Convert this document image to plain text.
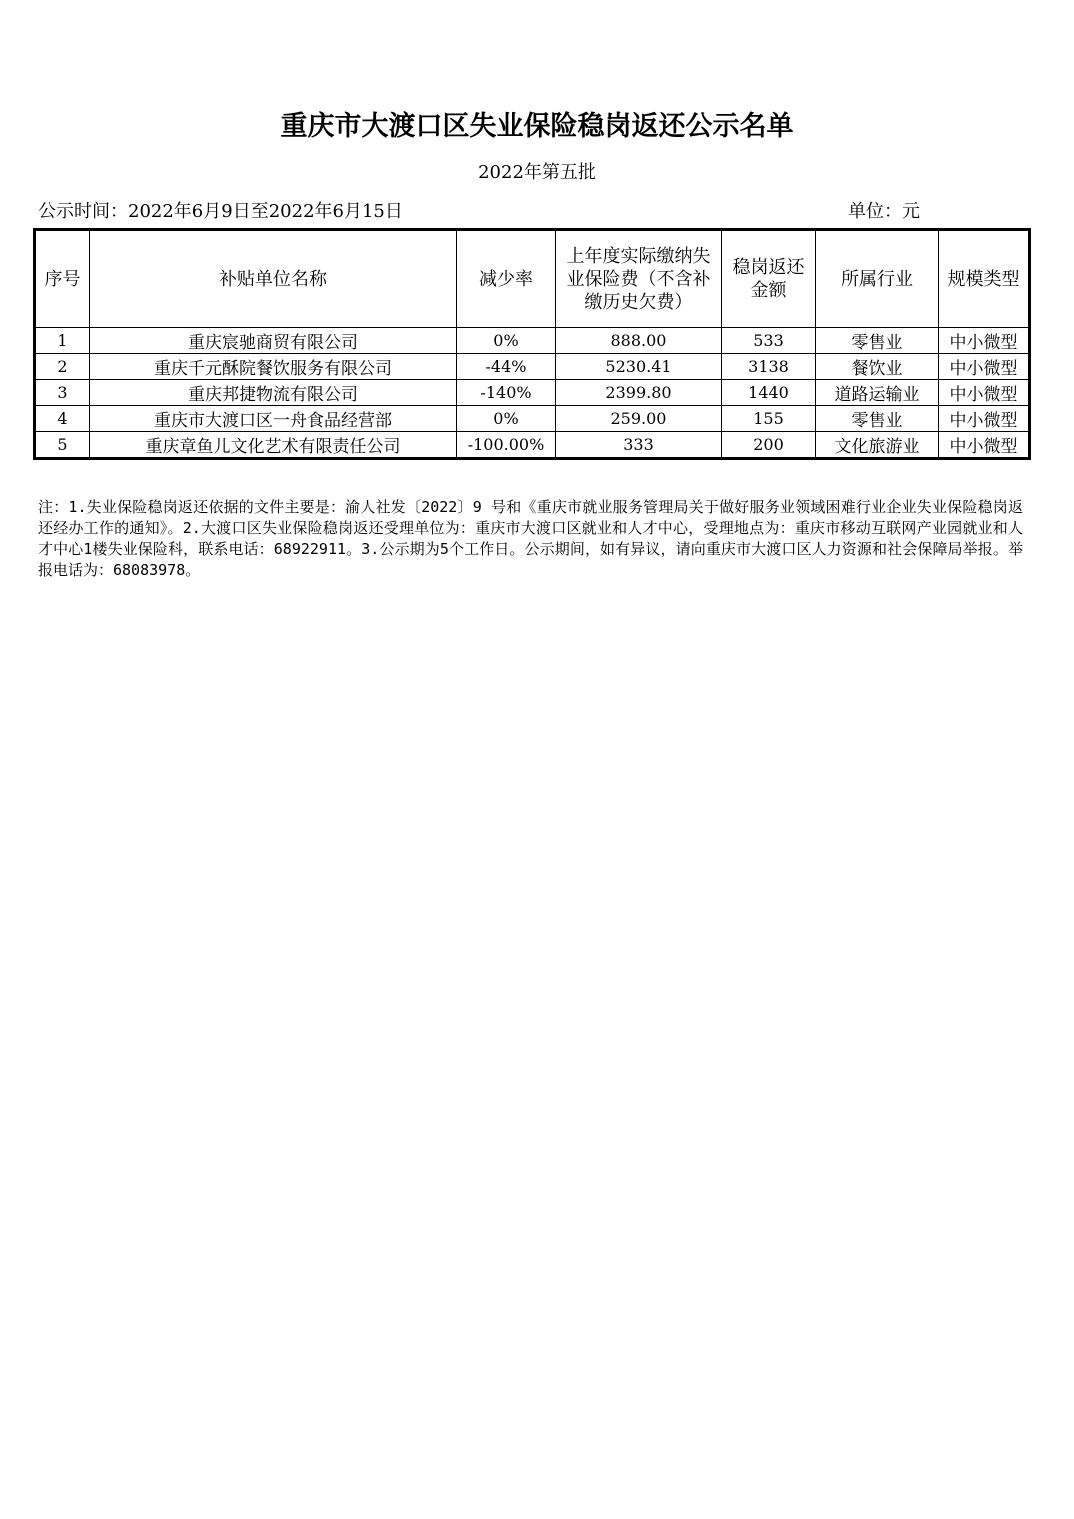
重庆市大渡口区失业保险稳岗返还公示名单
2022年第五批
公示时间：2022年6月9日至2022年6月15日	单位：元
序号	补贴单位名称	减少率	上年度实际缴纳失业保险费（不含补缴历史欠费）	稳岗返还金额	所属行业	规模类型
1	重庆宸驰商贸有限公司	0%	888.00	533	零售业	中小微型
2	重庆千元酥院餐饮服务有限公司	-44%	5230.41	3138	餐饮业	中小微型
3	重庆邦捷物流有限公司	-140%	2399.80	1440	道路运输业	中小微型
4	重庆市大渡口区一舟食品经营部	0%	259.00	155	零售业	中小微型
5	重庆章鱼儿文化艺术有限责任公司	-100.00%	333	200	文化旅游业	中小微型
注：1.失业保险稳岗返还依据的文件主要是：渝人社发〔2022〕9 号和《重庆市就业服务管理局关于做好服务业领域困难行业企业失业保险稳岗返还经办工作的通知》。2.大渡口区失业保险稳岗返还受理单位为：重庆市大渡口区就业和人才中心，受理地点为：重庆市移动互联网产业园就业和人才中心1楼失业保险科，联系电话：68922911。3.公示期为5个工作日。公示期间，如有异议，请向重庆市大渡口区人力资源和社会保障局举报。举报电话为：68083978。
